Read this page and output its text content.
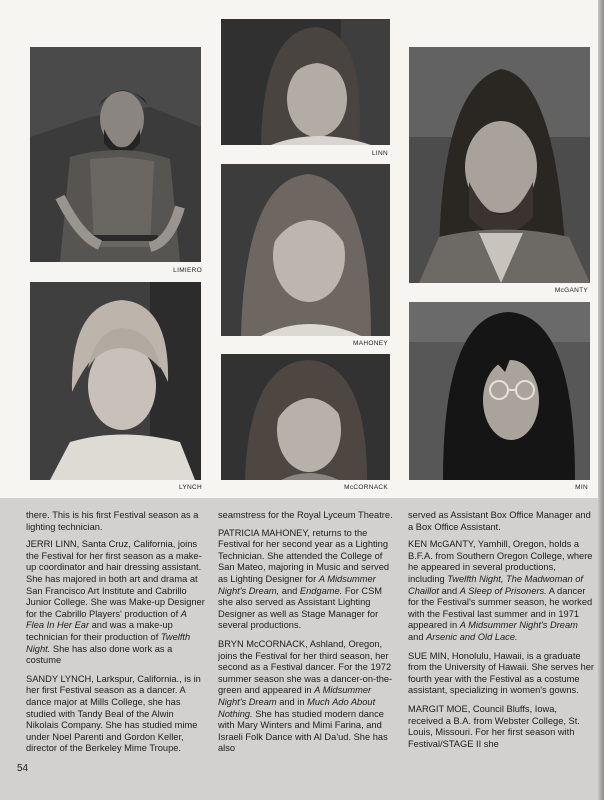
LIMIERO
LINN
McGANTY
MAHONEY
LYNCH	McCORNACK	MIN

there. This is his first Festival season as a lighting technician.

JERRI LINN, Santa Cruz, California, joins the Festival for her first season as a make-up coordinator and hair dressing assistant. She has majored in both art and drama at San Francisco Art Institute and Cabrillo Junior College. She was Make-up Designer for the Cabrillo Players' production of A Flea In Her Ear and was a make-up technician for their production of Twelfth Night. She has also done work as a costume

SANDY LYNCH, Larkspur, California., is in her first Festival season as a dancer. A dance major at Mills College, she has studied with Tandy Beal of the Alwin Nikolais Company. She has studied mime under Noel Parenti and Gordon Keller, director of the Berkeley Mime Troupe.

seamstress for the Royal Lyceum Theatre.

PATRICIA MAHONEY, returns to the Festival for her second year as a Lighting Technician. She attended the College of San Mateo, majoring in Music and served as Lighting Designer for A Midsummer Night's Dream, and Endgame. For CSM she also served as Assistant Lighting Designer as well as Stage Manager for several productions.

BRYN McCORNACK, Ashland, Oregon, joins the Festival for her third season, her second as a Festival dancer. For the 1972 summer season she was a dancer-on-the-green and appeared in A Midsummer Night's Dream and in Much Ado About Nothing. She has studied modern dance with Mary Winters and Mimi Farina, and Israeli Folk Dance with Al Da'ud. She has also

served as Assistant Box Office Manager and a Box Office Assistant.

KEN McGANTY, Yamhill, Oregon, holds a B.F.A. from Southern Oregon College, where he appeared in several productions, including Twelfth Night, The Madwoman of Chaillot and A Sleep of Prisoners. A dancer for the Festival's summer season, he worked with the Festival last summer and in 1971 appeared in A Midsummer Night's Dream and Arsenic and Old Lace.

SUE MIN, Honolulu, Hawaii, is a graduate from the University of Hawaii. She serves her fourth year with the Festival as a costume assistant, specializing in women's gowns.

MARGIT MOE, Council Bluffs, Iowa, received a B.A. from Webster College, St. Louis, Missouri. For her first season with Festival/STAGE II she

54
